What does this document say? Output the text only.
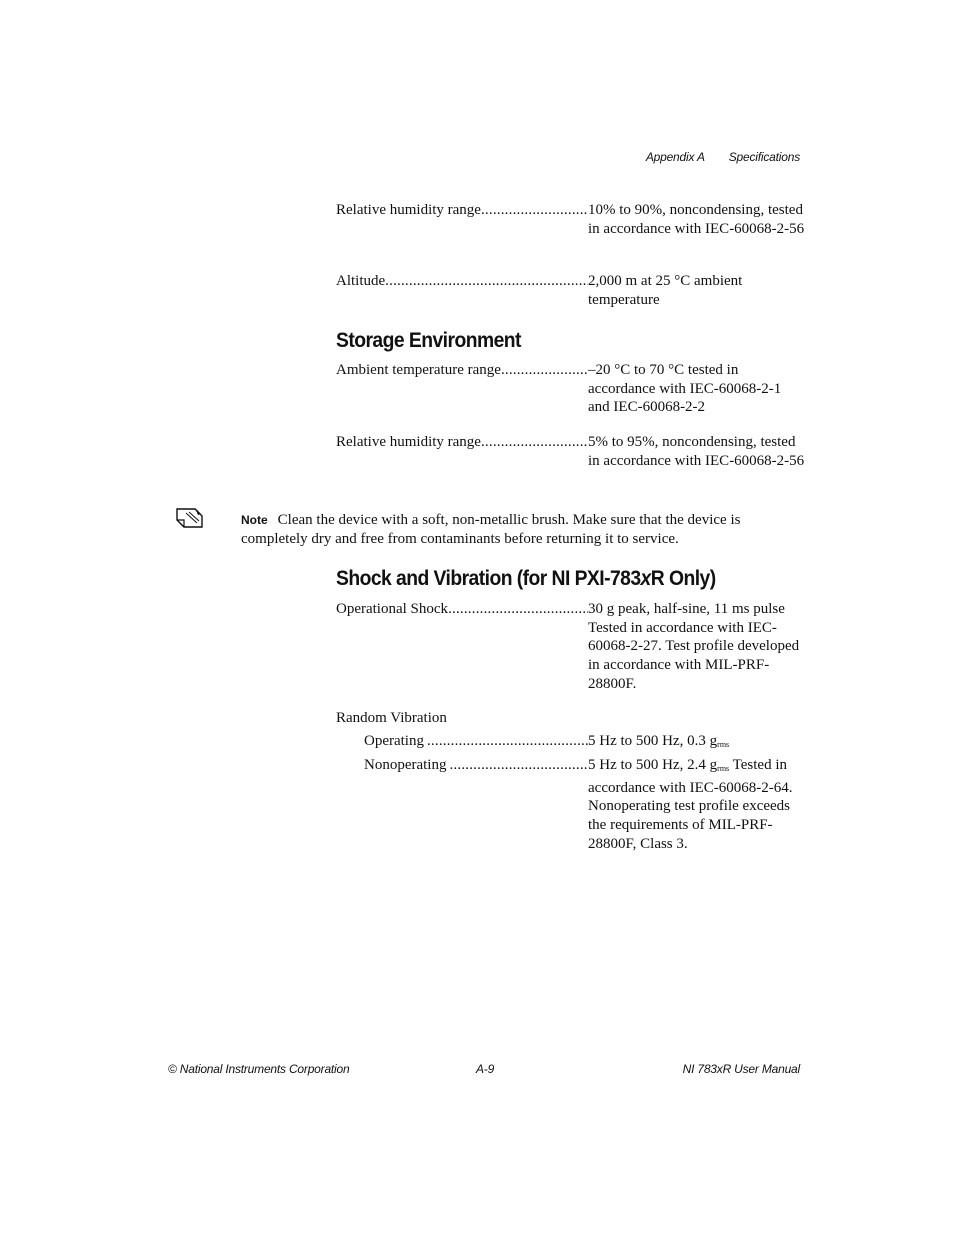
Appendix A Specifications
Relative humidity range .....	10% to 90%, noncondensing, tested in accordance with IEC-60068-2-56
Altitude .....	2,000 m at 25 °C ambient temperature
Storage Environment
Ambient temperature range .....	–20 °C to 70 °C tested in accordance with IEC-60068-2-1 and IEC-60068-2-2
Relative humidity range .....	5% to 95%, noncondensing, tested in accordance with IEC-60068-2-56
Note Clean the device with a soft, non-metallic brush. Make sure that the device is completely dry and free from contaminants before returning it to service.
Shock and Vibration (for NI PXI-783xR Only)
Operational Shock .....	30 g peak, half-sine, 11 ms pulse Tested in accordance with IEC-60068-2-27. Test profile developed in accordance with MIL-PRF-28800F.
Random Vibration
Operating .....	5 Hz to 500 Hz, 0.3 $g_{rms}$
Nonoperating .....	5 Hz to 500 Hz, 2.4 $g_{rms}$ Tested in accordance with IEC-60068-2-64. Nonoperating test profile exceeds the requirements of MIL-PRF-28800F, Class 3.
© National Instruments Corporation	A-9	NI 783xR User Manual
